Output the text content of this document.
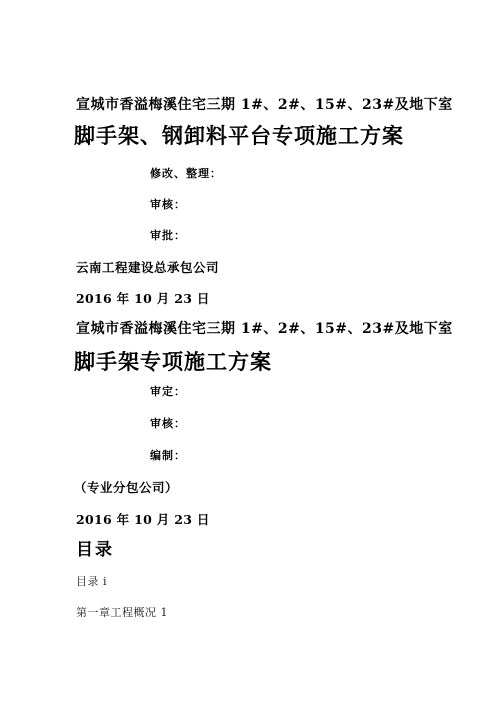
宣城市香溢梅溪住宅三期 1#、2#、15#、23#及地下室
脚手架、钢卸料平台专项施工方案
修改、整理：
审核：
审批：
云南工程建设总承包公司
2016 年 10 月 23 日
宣城市香溢梅溪住宅三期 1#、2#、15#、23#及地下室
脚手架专项施工方案
审定：
审核：
编制：
（专业分包公司）
2016 年 10 月 23 日
目录
目录 i
第一章工程概况 1
